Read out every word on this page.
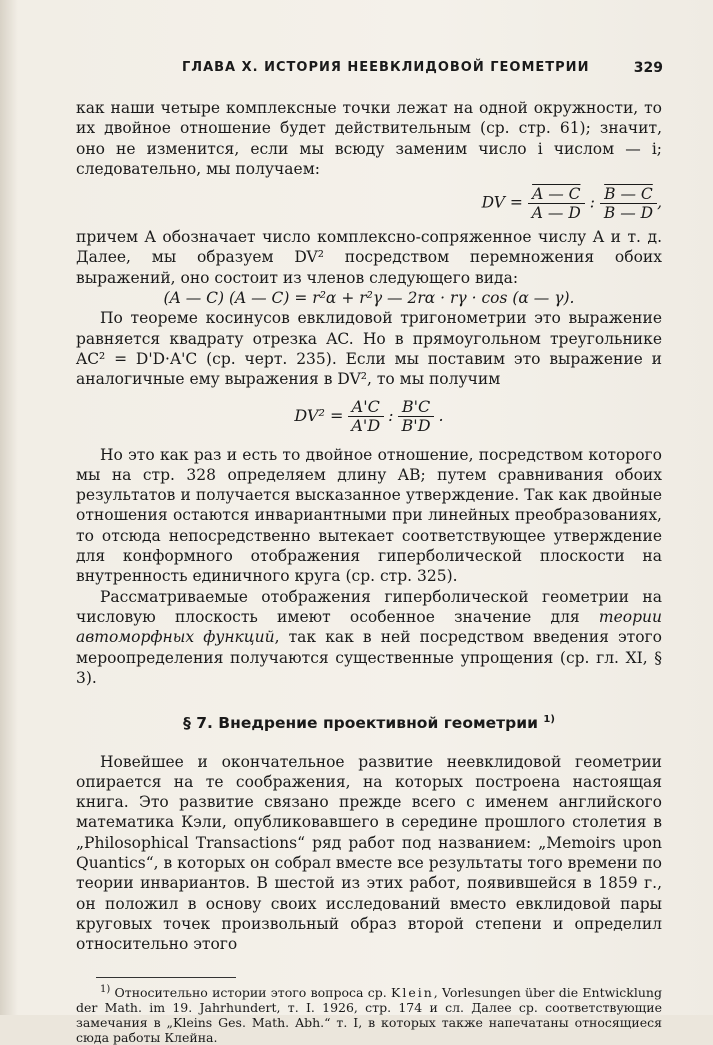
ГЛАВА X. ИСТОРИЯ НЕЕВКЛИДОВОЙ ГЕОМЕТРИИ	329

как наши четыре комплексные точки лежат на одной окружности, то их двойное отношение будет действительным (ср. стр. 61); значит, оно не изменится, если мы всюду заменим число i числом — i; следовательно, мы получаем:

DV = $\frac{A — C}{A — D}$ : $\frac{B — C}{B — D}$ ,

причем A обозначает число комплексно-сопряженное числу A и т. д. Далее, мы образуем DV² посредством перемножения обоих выражений, оно состоит из членов следующего вида:

(A — C) (A — C) = r²α + r²γ — 2rα · rγ · cos (α — γ).

По теореме косинусов евклидовой тригонометрии это выражение равняется квадрату отрезка AC. Но в прямоугольном треугольнике AC² = D'D·A'C (ср. черт. 235). Если мы поставим это выражение и аналогичные ему выражения в DV², то мы получим

$DV^2 = \frac{A'C}{A'D}$ : $\frac{B'C}{B'D}$ .

Но это как раз и есть то двойное отношение, посредством которого мы на стр. 328 определяем длину AB; путем сравнивания обоих результатов и получается высказанное утверждение. Так как двойные отношения остаются инвариантными при линейных преобразованиях, то отсюда непосредственно вытекает соответствующее утверждение для конформного отображения гиперболической плоскости на внутренность единичного круга (ср. стр. 325).

Рассматриваемые отображения гиперболической геометрии на числовую плоскость имеют особенное значение для теории автоморфных функций, так как в ней посредством введения этого мероопределения получаются существенные упрощения (ср. гл. XI, § 3).

§ 7. Внедрение проективной геометрии $^{1)}$

Новейшее и окончательное развитие неевклидовой геометрии опирается на те соображения, на которых построена настоящая книга. Это развитие связано прежде всего с именем английского математика Кэли, опубликовавшего в середине прошлого столетия в „Philosophical Transactions“ ряд работ под названием: „Memoirs upon Quantics“, в которых он собрал вместе все результаты того времени по теории инвариантов. В шестой из этих работ, появившейся в 1859 г., он положил в основу своих исследований вместо евклидовой пары круговых точек произвольный образ второй степени и определил относительно этого

$^{1)}$ Относительно истории этого вопроса ср. Klein, Vorlesungen über die Entwicklung der Math. im 19. Jahrhundert, т. I. 1926, стр. 174 и сл. Далее ср. соответствующие замечания в „Kleins Ges. Math. Abh.“ т. I, в которых также напечатаны относящиеся сюда работы Клейна.
